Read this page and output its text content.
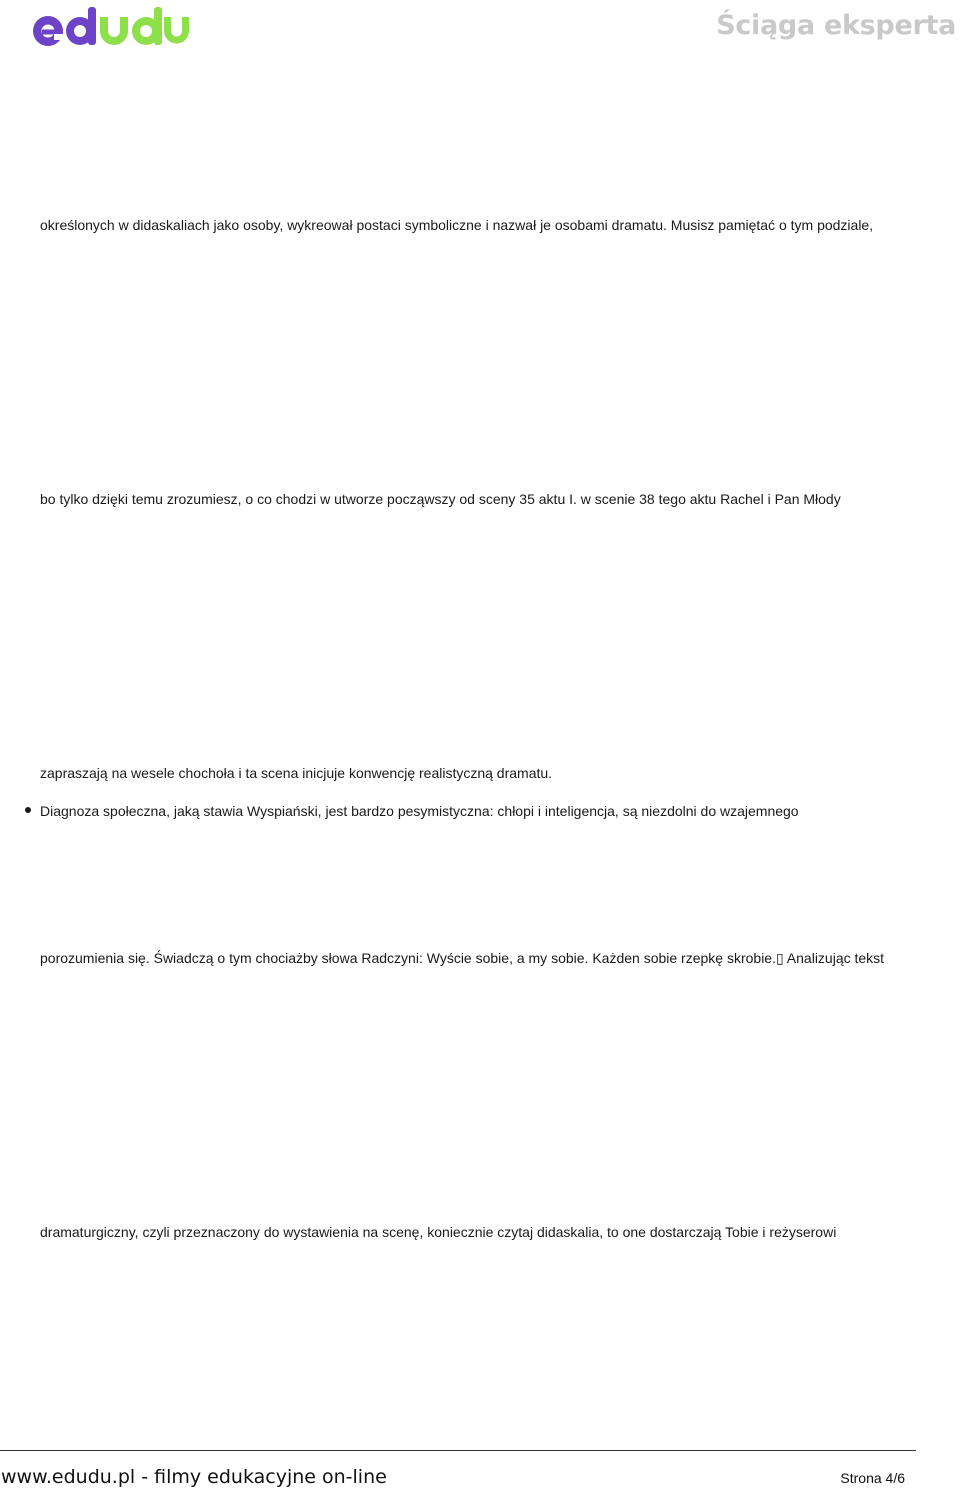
Ściąga eksperta
określonych w didaskaliach jako osoby, wykreował postaci symboliczne i nazwał je osobami dramatu. Musisz pamiętać o tym podziale,
bo tylko dzięki temu zrozumiesz, o co chodzi w utworze począwszy od sceny 35 aktu I. w scenie 38 tego aktu Rachel i Pan Młody
zapraszają na wesele chochoła i ta scena inicjuje konwencję realistyczną dramatu.
Diagnoza społeczna, jaką stawia Wyspiański, jest bardzo pesymistyczna: chłopi i inteligencja, są niezdolni do wzajemnego
porozumienia się. Świadczą o tym chociażby słowa Radczyni: Wyście sobie, a my sobie. Każden sobie rzepkę skrobie.▯ Analizując tekst
dramaturgiczny, czyli przeznaczony do wystawienia na scenę, koniecznie czytaj didaskalia, to one dostarczają Tobie i reżyserowi
www.edudu.pl - filmy edukacyjne on-line	Strona 4/6
